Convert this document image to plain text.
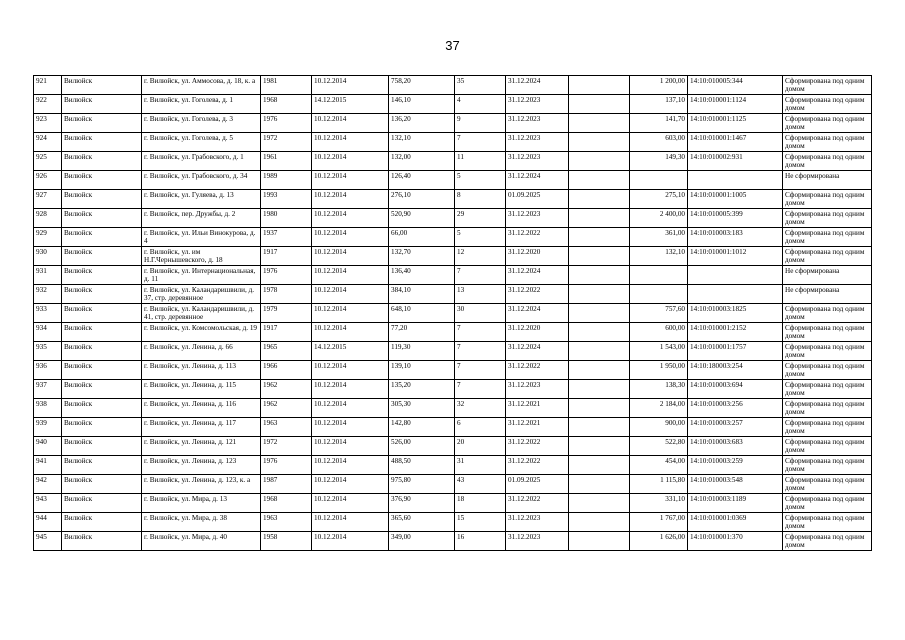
37
921	Вилюйск	г. Вилюйск, ул. Аммосова, д. 18, к. а	1981	10.12.2014	758,20	35	31.12.2024		1 200,00	14:10:010005:344	Сформирована под одним домом
922	Вилюйск	г. Вилюйск, ул. Гоголева, д. 1	1968	14.12.2015	146,10	4	31.12.2023		137,10	14:10:010001:1124	Сформирована под одним домом
923	Вилюйск	г. Вилюйск, ул. Гоголева, д. 3	1976	10.12.2014	136,20	9	31.12.2023		141,70	14:10:010001:1125	Сформирована под одним домом
924	Вилюйск	г. Вилюйск, ул. Гоголева, д. 5	1972	10.12.2014	132,10	7	31.12.2023		603,00	14:10:010001:1467	Сформирована под одним домом
925	Вилюйск	г. Вилюйск, ул. Грабовского, д. 1	1961	10.12.2014	132,00	11	31.12.2023		149,30	14:10:010002:931	Сформирована под одним домом
926	Вилюйск	г. Вилюйск, ул. Грабовского, д. 34	1989	10.12.2014	126,40	5	31.12.2024				Не сформирована
927	Вилюйск	г. Вилюйск, ул. Гуляева, д. 13	1993	10.12.2014	276,10	8	01.09.2025		275,10	14:10:010001:1005	Сформирована под одним домом
928	Вилюйск	г. Вилюйск, пер. Дружбы, д. 2	1980	10.12.2014	520,90	29	31.12.2023		2 400,00	14:10:010005:399	Сформирована под одним домом
929	Вилюйск	г. Вилюйск, ул. Ильи Винокурова, д. 4	1937	10.12.2014	66,00	5	31.12.2022		361,00	14:10:010003:183	Сформирована под одним домом
930	Вилюйск	г. Вилюйск, ул. им Н.Г.Чернышевского, д. 18	1917	10.12.2014	132,70	12	31.12.2020		132,10	14:10:010001:1012	Сформирована под одним домом
931	Вилюйск	г. Вилюйск, ул. Интернациональная, д. 11	1976	10.12.2014	136,40	7	31.12.2024				Не сформирована
932	Вилюйск	г. Вилюйск, ул. Каландаришвили, д. 37, стр. деревянное	1978	10.12.2014	384,10	13	31.12.2022				Не сформирована
933	Вилюйск	г. Вилюйск, ул. Каландаришвили, д. 41, стр. деревянное	1979	10.12.2014	648,10	30	31.12.2024		757,60	14:10:010003:1825	Сформирована под одним домом
934	Вилюйск	г. Вилюйск, ул. Комсомольская, д. 19	1917	10.12.2014	77,20	7	31.12.2020		600,00	14:10:010001:2152	Сформирована под одним домом
935	Вилюйск	г. Вилюйск, ул. Ленина, д. 66	1965	14.12.2015	119,30	7	31.12.2024		1 543,00	14:10:010001:1757	Сформирована под одним домом
936	Вилюйск	г. Вилюйск, ул. Ленина, д. 113	1966	10.12.2014	139,10	7	31.12.2022		1 950,00	14:10:180003:254	Сформирована под одним домом
937	Вилюйск	г. Вилюйск, ул. Ленина, д. 115	1962	10.12.2014	135,20	7	31.12.2023		138,30	14:10:010003:694	Сформирована под одним домом
938	Вилюйск	г. Вилюйск, ул. Ленина, д. 116	1962	10.12.2014	305,30	32	31.12.2021		2 184,00	14:10:010003:256	Сформирована под одним домом
939	Вилюйск	г. Вилюйск, ул. Ленина, д. 117	1963	10.12.2014	142,80	6	31.12.2021		900,00	14:10:010003:257	Сформирована под одним домом
940	Вилюйск	г. Вилюйск, ул. Ленина, д. 121	1972	10.12.2014	526,00	20	31.12.2022		522,80	14:10:010003:683	Сформирована под одним домом
941	Вилюйск	г. Вилюйск, ул. Ленина, д. 123	1976	10.12.2014	488,50	31	31.12.2022		454,00	14:10:010003:259	Сформирована под одним домом
942	Вилюйск	г. Вилюйск, ул. Ленина, д. 123, к. а	1987	10.12.2014	975,80	43	01.09.2025		1 115,80	14:10:010003:548	Сформирована под одним домом
943	Вилюйск	г. Вилюйск, ул. Мира, д. 13	1968	10.12.2014	376,90	18	31.12.2022		331,10	14:10:010003:1189	Сформирована под одним домом
944	Вилюйск	г. Вилюйск, ул. Мира, д. 38	1963	10.12.2014	365,60	15	31.12.2023		1 767,00	14:10:010001:0369	Сформирована под одним домом
945	Вилюйск	г. Вилюйск, ул. Мира, д. 40	1958	10.12.2014	349,00	16	31.12.2023		1 626,00	14:10:010001:370	Сформирована под одним домом
